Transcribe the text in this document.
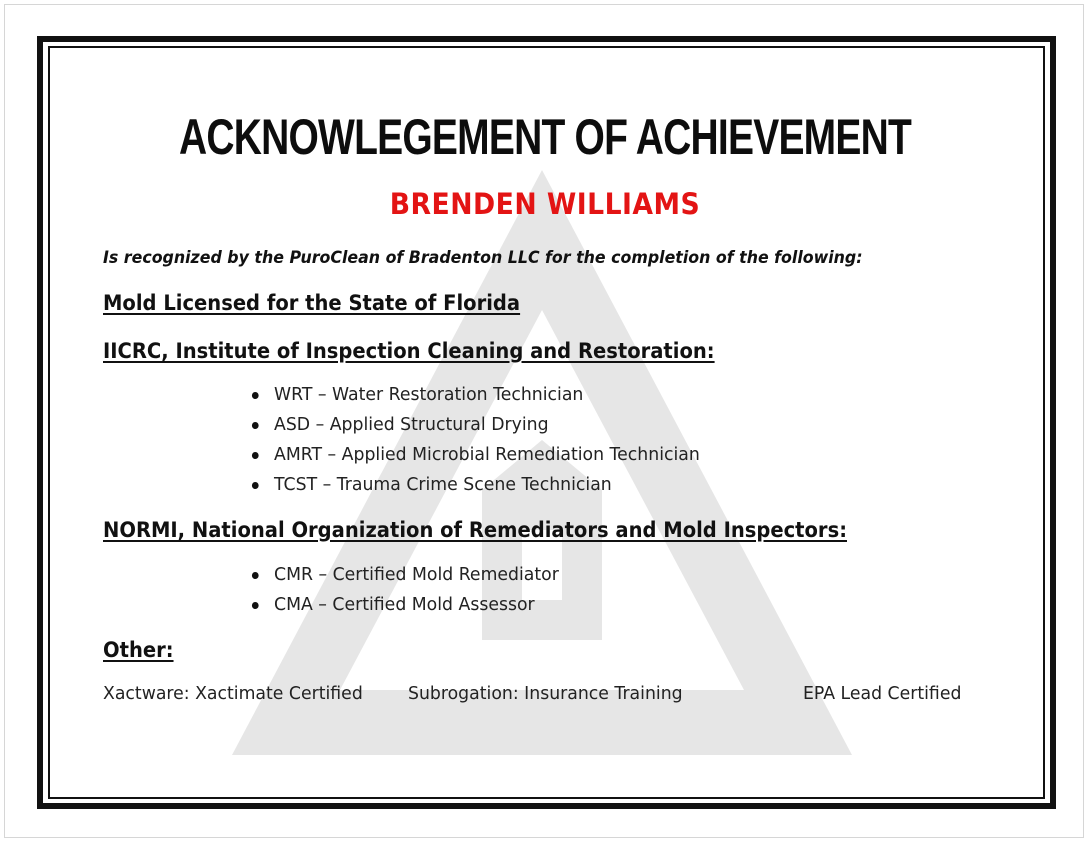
ACKNOWLEGEMENT OF ACHIEVEMENT
BRENDEN WILLIAMS
Is recognized by the PuroClean of Bradenton LLC for the completion of the following:
Mold Licensed for the State of Florida
IICRC, Institute of Inspection Cleaning and Restoration:
WRT – Water Restoration Technician
ASD – Applied Structural Drying
AMRT – Applied Microbial Remediation Technician
TCST – Trauma Crime Scene Technician
NORMI, National Organization of Remediators and Mold Inspectors:
CMR – Certified Mold Remediator
CMA – Certified Mold Assessor
Other:
Xactware: Xactimate Certified	Subrogation: Insurance Training	EPA Lead Certified
